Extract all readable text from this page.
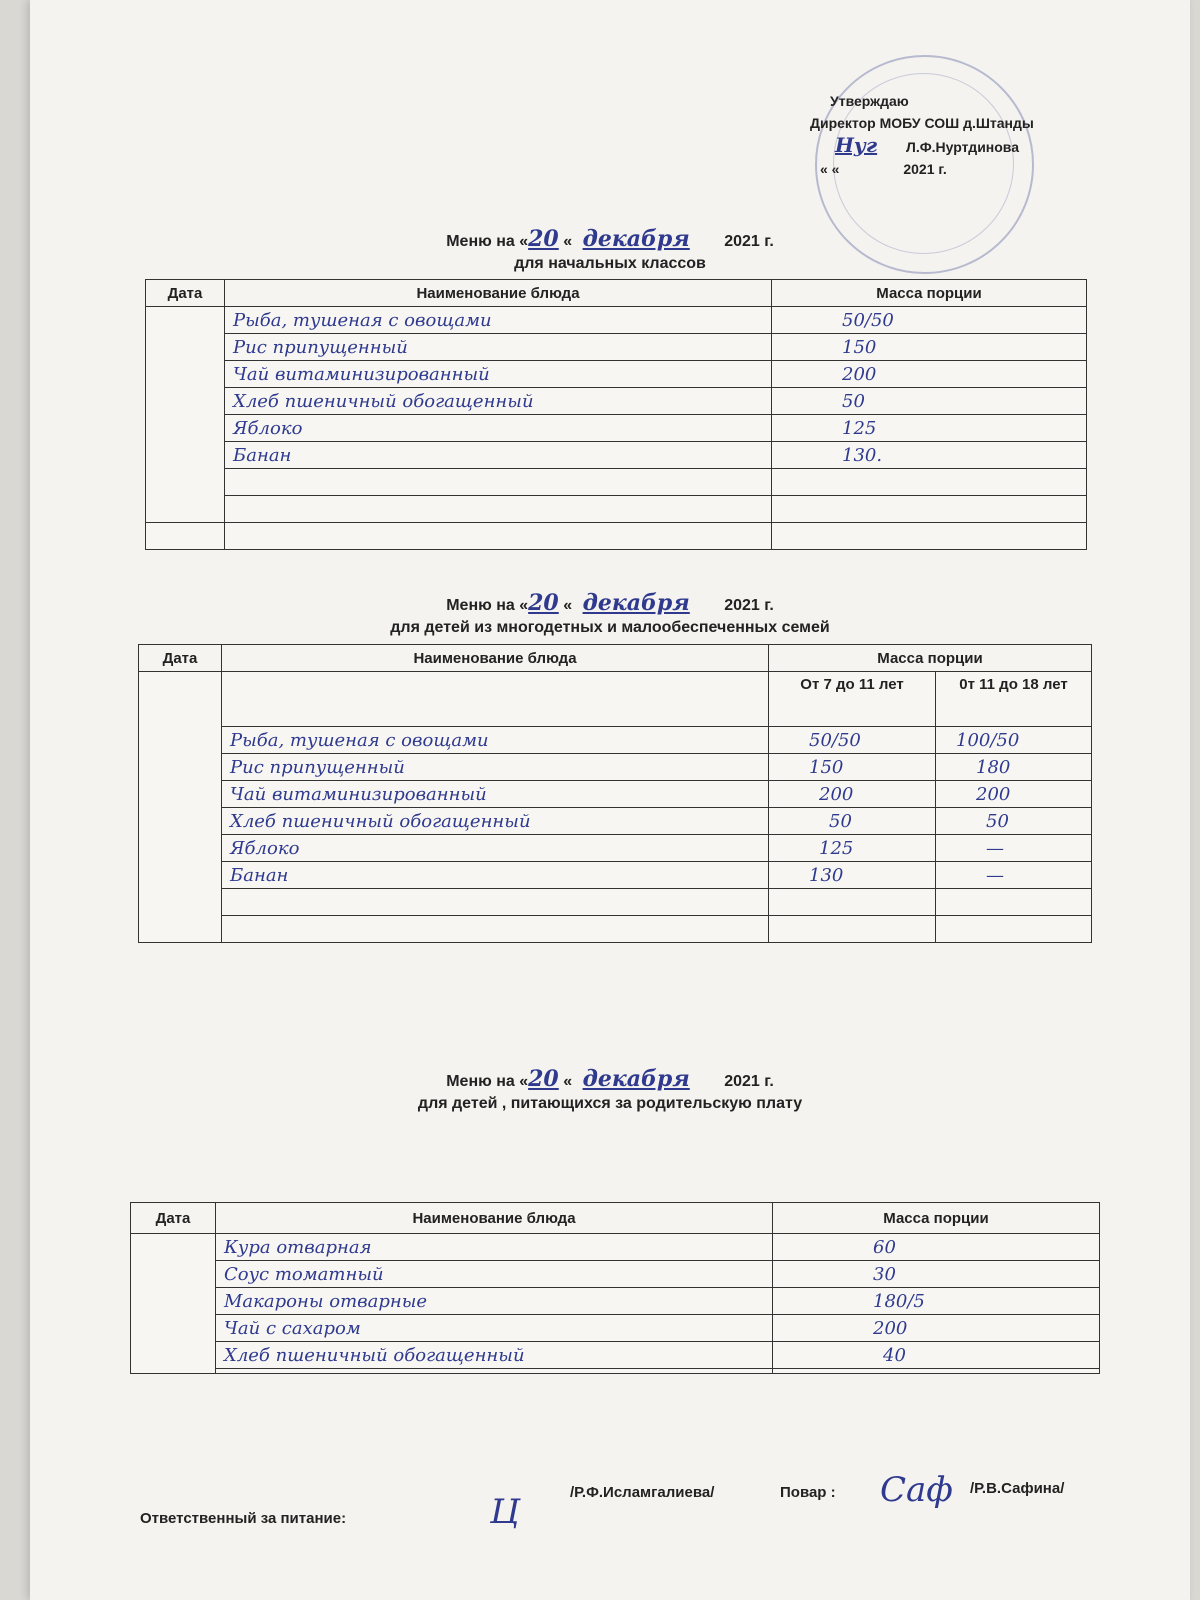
Утверждаю
Директор МОБУ СОШ д.Штанды
Нуг Л.Ф.Нуртдинова
« «	2021 г.
Меню на «20 « декабря 2021 г.
для начальных классов
Дата	Наименование блюда	Масса порции
	Рыба, тушеная с овощами	50/50
	Рис припущенный	150
	Чай витаминизированный	200
	Хлеб пшеничный обогащенный	50
	Яблоко	125
	Банан	130.

Меню на «20 « декабря 2021 г.
для детей из многодетных и малообеспеченных семей
Дата	Наименование блюда	Масса порции	
		От 7 до 11 лет	0т 11 до 18 лет
	Рыба, тушеная с овощами	50/50	100/50
	Рис припущенный	150	180
	Чай витаминизированный	200	200
	Хлеб пшеничный обогащенный	50	50
	Яблоко	125	—
	Банан	130	—

Меню на «20 « декабря 2021 г.
для детей , питающихся за родительскую плату
Дата	Наименование блюда	Масса порции
	Кура отварная	60
	Соус томатный	30
	Макароны отварные	180/5
	Чай с сахаром	200
	Хлеб пшеничный обогащенный	40

Ответственный за питание:	Ц	/Р.Ф.Исламгалиева/	Повар : Саф /Р.В.Сафина/
